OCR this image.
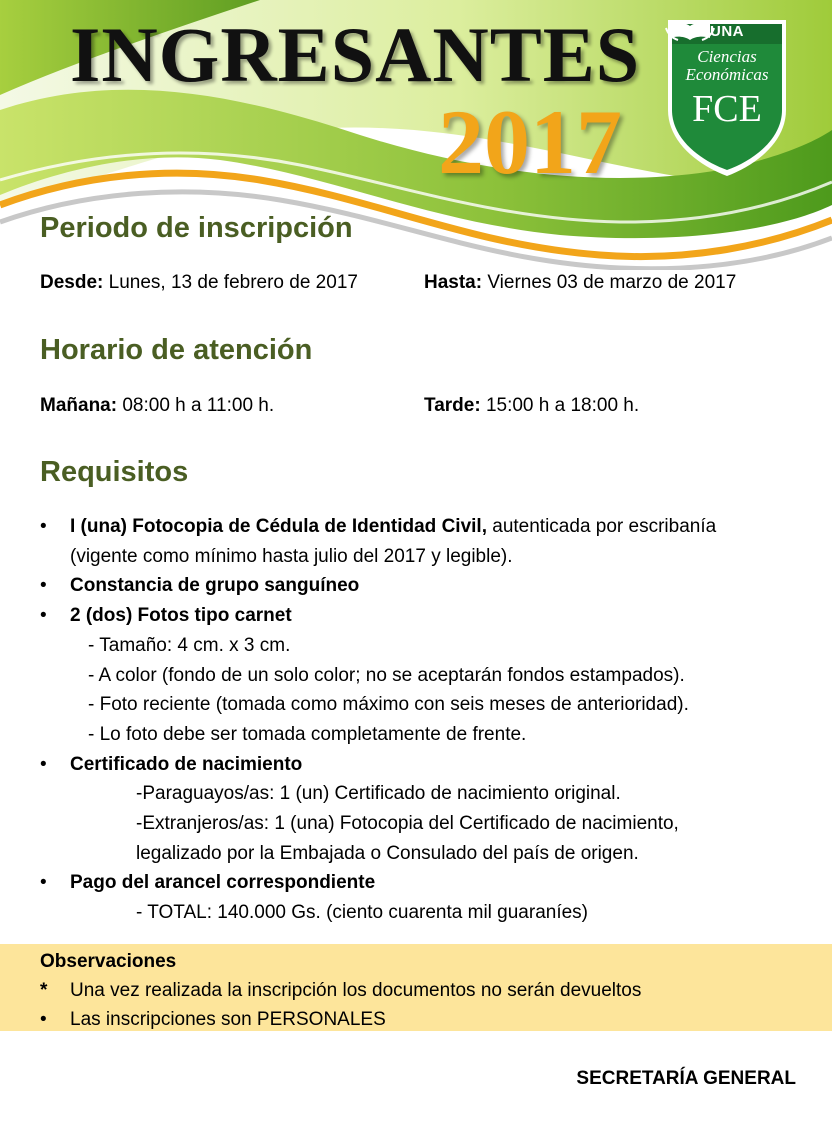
INGRESANTES
2017
UNA
Ciencias
Económicas
FCE
Periodo de inscripción
Desde: Lunes, 13 de febrero de 2017	Hasta: Viernes 03 de marzo de 2017
Horario de atención
Mañana: 08:00 h a 11:00 h.	Tarde: 15:00 h a 18:00 h.
Requisitos
• I (una) Fotocopia de Cédula de Identidad Civil, autenticada por escribanía
(vigente como mínimo hasta julio del 2017 y legible).
• Constancia de grupo sanguíneo
• 2 (dos) Fotos tipo carnet
- Tamaño: 4 cm. x 3 cm.
- A color (fondo de un solo color; no se aceptarán fondos estampados).
- Foto reciente (tomada como máximo con seis meses de anterioridad).
- Lo foto debe ser tomada completamente de frente.
• Certificado de nacimiento
-Paraguayos/as: 1 (un) Certificado de nacimiento original.
-Extranjeros/as: 1 (una) Fotocopia del Certificado de nacimiento,
legalizado por la Embajada o Consulado del país de origen.
• Pago del arancel correspondiente
- TOTAL: 140.000 Gs. (ciento cuarenta mil guaraníes)
Observaciones
* Una vez realizada la inscripción los documentos no serán devueltos
• Las inscripciones son PERSONALES
SECRETARÍA GENERAL
